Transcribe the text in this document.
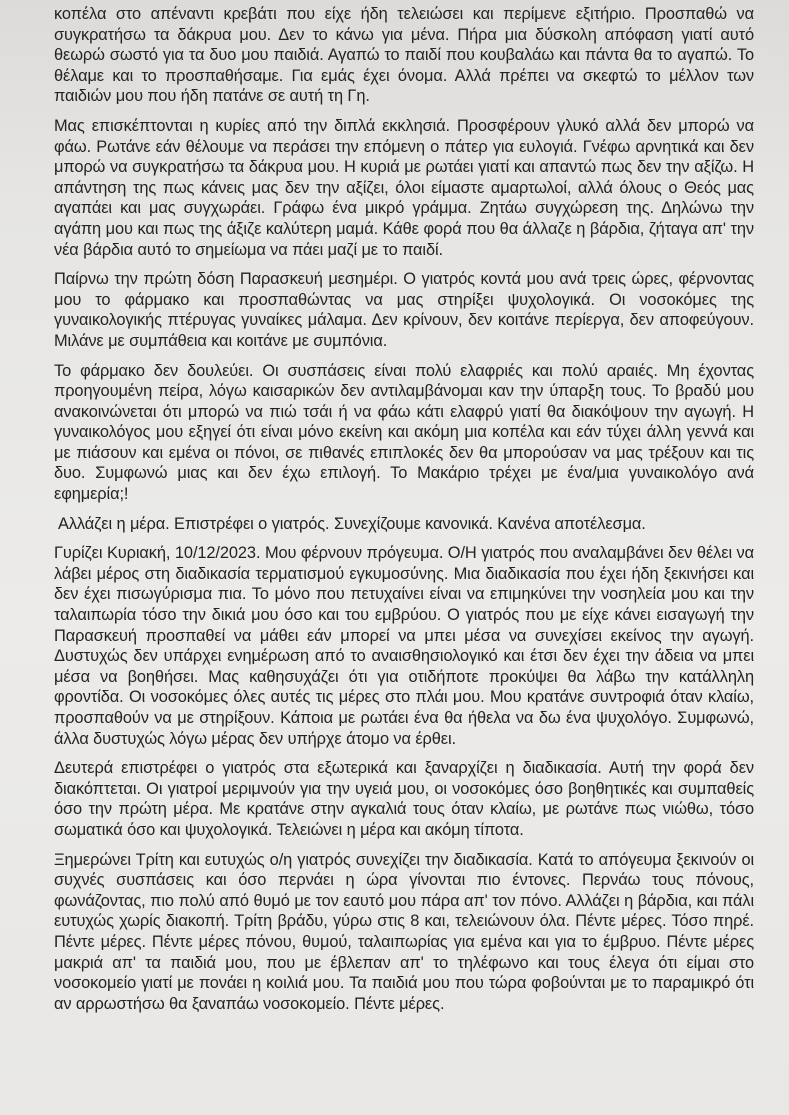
κοπέλα στο απέναντι κρεβάτι που είχε ήδη τελειώσει και περίμενε εξιτήριο. Προσπαθώ να συγκρατήσω τα δάκρυα μου. Δεν το κάνω για μένα. Πήρα μια δύσκολη απόφαση γιατί αυτό θεωρώ σωστό για τα δυο μου παιδιά. Αγαπώ το παιδί που κουβαλάω και πάντα θα το αγαπώ. Το θέλαμε και το προσπαθήσαμε. Για εμάς έχει όνομα. Αλλά πρέπει να σκεφτώ το μέλλον των παιδιών μου που ήδη πατάνε σε αυτή τη Γη.

Μας επισκέπτονται η κυρίες από την διπλά εκκλησιά. Προσφέρουν γλυκό αλλά δεν μπορώ να φάω. Ρωτάνε εάν θέλουμε να περάσει την επόμενη ο πάτερ για ευλογιά. Γνέφω αρνητικά και δεν μπορώ να συγκρατήσω τα δάκρυα μου. Η κυριά με ρωτάει γιατί και απαντώ πως δεν την αξίζω. Η απάντηση της πως κάνεις μας δεν την αξίζει, όλοι είμαστε αμαρτωλοί, αλλά όλους ο Θεός μας αγαπάει και μας συγχωράει. Γράφω ένα μικρό γράμμα. Ζητάω συγχώρεση της. Δηλώνω την αγάπη μου και πως της άξιζε καλύτερη μαμά. Κάθε φορά που θα άλλαζε η βάρδια, ζήταγα απ' την νέα βάρδια αυτό το σημείωμα να πάει μαζί με το παιδί.

Παίρνω την πρώτη δόση Παρασκευή μεσημέρι. Ο γιατρός κοντά μου ανά τρεις ώρες, φέρνοντας μου το φάρμακο και προσπαθώντας να μας στηρίξει ψυχολογικά. Οι νοσοκόμες της γυναικολογικής πτέρυγας γυναίκες μάλαμα. Δεν κρίνουν, δεν κοιτάνε περίεργα, δεν αποφεύγουν. Μιλάνε με συμπάθεια και κοιτάνε με συμπόνια.

Το φάρμακο δεν δουλεύει. Οι συσπάσεις είναι πολύ ελαφριές και πολύ αραιές. Μη έχοντας προηγουμένη πείρα, λόγω καισαρικών δεν αντιλαμβάνομαι καν την ύπαρξη τους. Το βραδύ μου ανακοινώνεται ότι μπορώ να πιώ τσάι ή να φάω κάτι ελαφρύ γιατί θα διακόψουν την αγωγή. Η γυναικολόγος μου εξηγεί ότι είναι μόνο εκείνη και ακόμη μια κοπέλα και εάν τύχει άλλη γεννά και με πιάσουν και εμένα οι πόνοι, σε πιθανές επιπλοκές δεν θα μπορούσαν να μας τρέξουν και τις δυο. Συμφωνώ μιας και δεν έχω επιλογή. Το Μακάριο τρέχει με ένα/μια γυναικολόγο ανά εφημερία;!

Αλλάζει η μέρα. Επιστρέφει ο γιατρός. Συνεχίζουμε κανονικά. Κανένα αποτέλεσμα.

Γυρίζει Κυριακή, 10/12/2023. Μου φέρνουν πρόγευμα. Ο/Η γιατρός που αναλαμβάνει δεν θέλει να λάβει μέρος στη διαδικασία τερματισμού εγκυμοσύνης. Μια διαδικασία που έχει ήδη ξεκινήσει και δεν έχει πισωγύρισμα πια. Το μόνο που πετυχαίνει είναι να επιμηκύνει την νοσηλεία μου και την ταλαιπωρία τόσο την δικιά μου όσο και του εμβρύου. Ο γιατρός που με είχε κάνει εισαγωγή την Παρασκευή προσπαθεί να μάθει εάν μπορεί να μπει μέσα να συνεχίσει εκείνος την αγωγή. Δυστυχώς δεν υπάρχει ενημέρωση από το αναισθησιολογικό και έτσι δεν έχει την άδεια να μπει μέσα να βοηθήσει. Μας καθησυχάζει ότι για οτιδήποτε προκύψει θα λάβω την κατάλληλη φροντίδα. Οι νοσοκόμες όλες αυτές τις μέρες στο πλάι μου. Μου κρατάνε συντροφιά όταν κλαίω, προσπαθούν να με στηρίξουν. Κάποια με ρωτάει ένα θα ήθελα να δω ένα ψυχολόγο. Συμφωνώ, άλλα δυστυχώς λόγω μέρας δεν υπήρχε άτομο να έρθει.

Δευτερά επιστρέφει ο γιατρός στα εξωτερικά και ξαναρχίζει η διαδικασία. Αυτή την φορά δεν διακόπτεται. Οι γιατροί μεριμνούν για την υγειά μου, οι νοσοκόμες όσο βοηθητικές και συμπαθείς όσο την πρώτη μέρα. Με κρατάνε στην αγκαλιά τους όταν κλαίω, με ρωτάνε πως νιώθω, τόσο σωματικά όσο και ψυχολογικά. Τελειώνει η μέρα και ακόμη τίποτα.

Ξημερώνει Τρίτη και ευτυχώς ο/η γιατρός συνεχίζει την διαδικασία. Κατά το απόγευμα ξεκινούν οι συχνές συσπάσεις και όσο περνάει η ώρα γίνονται πιο έντονες. Περνάω τους πόνους, φωνάζοντας, πιο πολύ από θυμό με τον εαυτό μου πάρα απ' τον πόνο. Αλλάζει η βάρδια, και πάλι ευτυχώς χωρίς διακοπή. Τρίτη βράδυ, γύρω στις 8 και, τελειώνουν όλα. Πέντε μέρες. Τόσο πηρέ. Πέντε μέρες. Πέντε μέρες πόνου, θυμού, ταλαιπωρίας για εμένα και για το έμβρυο. Πέντε μέρες μακριά απ' τα παιδιά μου, που με έβλεπαν απ' το τηλέφωνο και τους έλεγα ότι είμαι στο νοσοκομείο γιατί με πονάει η κοιλιά μου. Τα παιδιά μου που τώρα φοβούνται με το παραμικρό ότι αν αρρωστήσω θα ξαναπάω νοσοκομείο. Πέντε μέρες.
